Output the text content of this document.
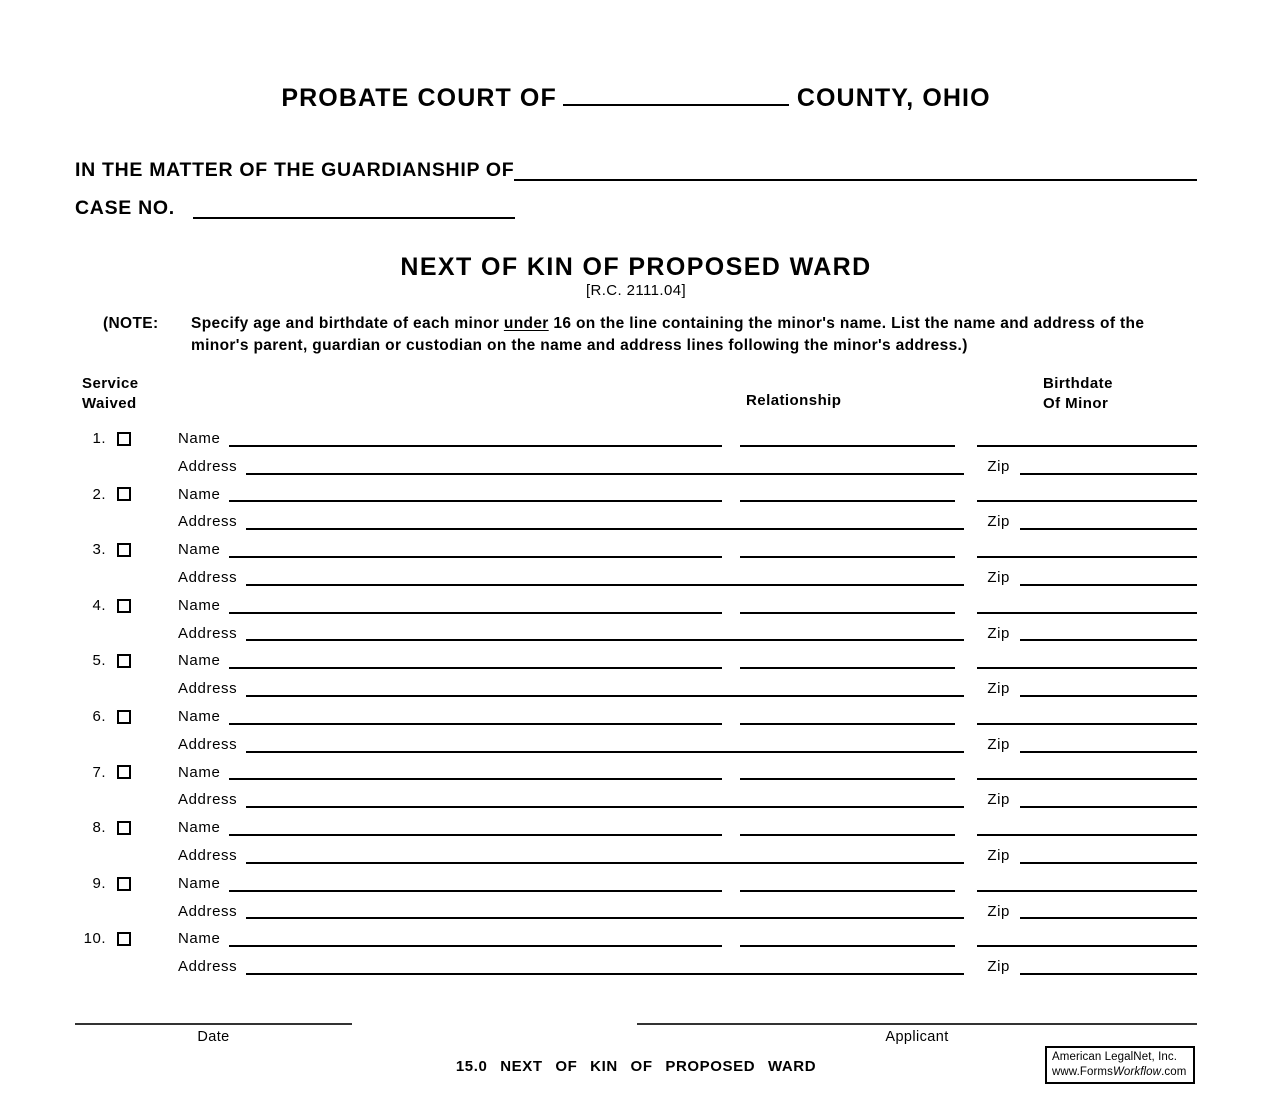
PROBATE COURT OF	COUNTY, OHIO
IN THE MATTER OF THE GUARDIANSHIP OF
CASE NO.
NEXT OF KIN OF PROPOSED WARD
[R.C. 2111.04]
(NOTE:	Specify age and birthdate of each minor under 16 on the line containing the minor's name. List the name and address of the minor's parent, guardian or custodian on the name and address lines following the minor's address.)
Service
Waived	Relationship
Birthdate
Of Minor
1.	Name
Address	Zip
2.	Name
Address	Zip
3.	Name
Address	Zip
4.	Name
Address	Zip
5.	Name
Address	Zip
6.	Name
Address	Zip
7.	Name
Address	Zip
8.	Name
Address	Zip
9.	Name
Address	Zip
10.	Name
Address	Zip
Date	Applicant
15.0 NEXT OF KIN OF PROPOSED WARD
American LegalNet, Inc.
www.FormsWorkflow.com
